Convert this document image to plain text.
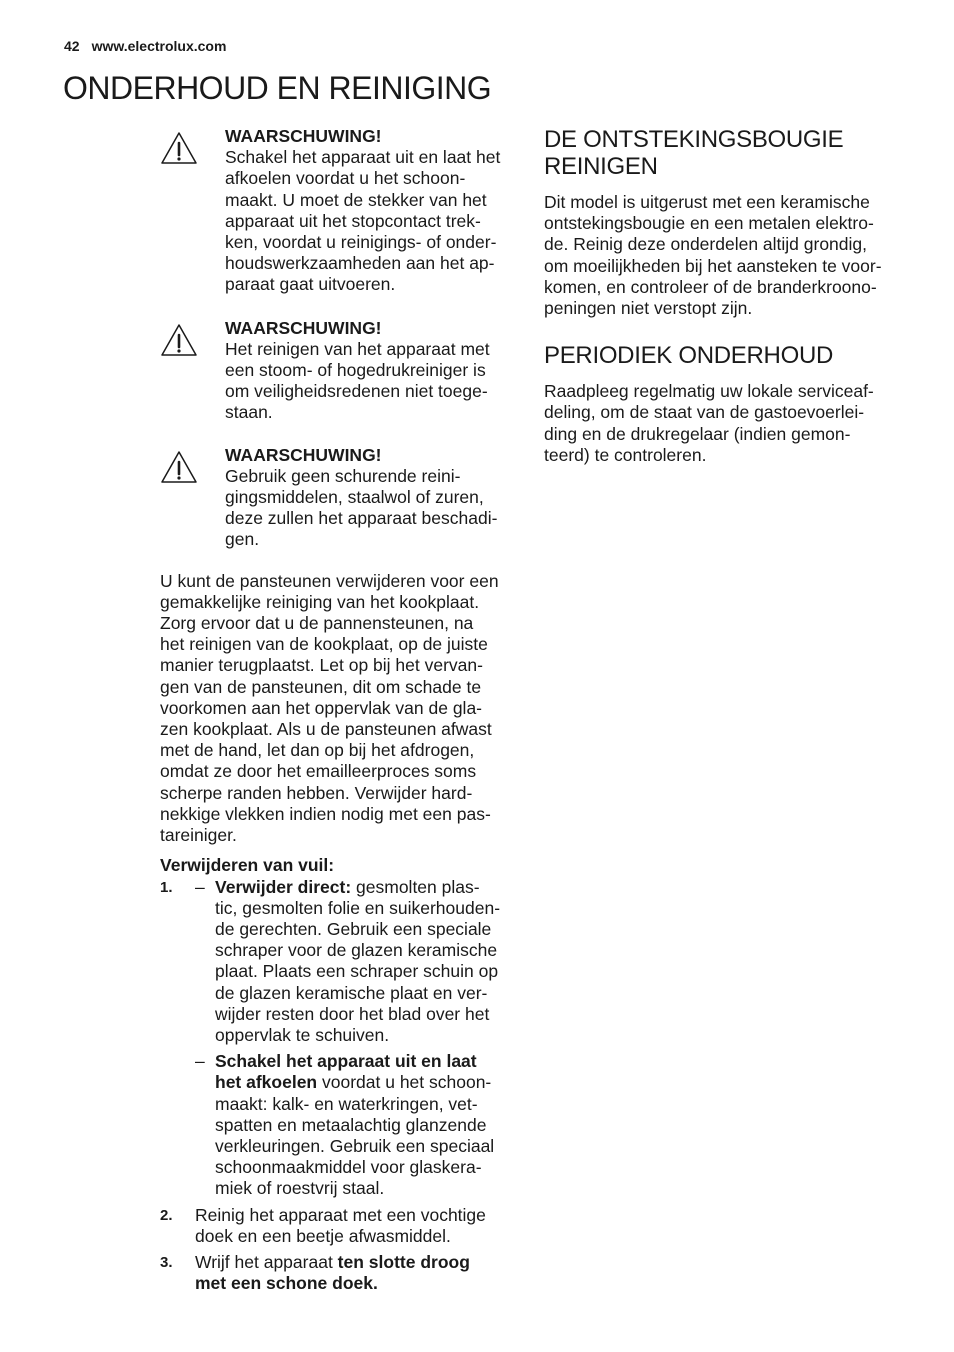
42 www.electrolux.com
ONDERHOUD EN REINIGING
WAARSCHUWING!

Schakel het apparaat uit en laat het
afkoelen voordat u het schoon-
maakt. U moet de stekker van het
apparaat uit het stopcontact trek-
ken, voordat u reinigings- of onder-
houdswerkzaamheden aan het ap-
paraat gaat uitvoeren.

WAARSCHUWING!

Het reinigen van het apparaat met
een stoom- of hogedrukreiniger is
om veiligheidsredenen niet toege-
staan.

WAARSCHUWING!

Gebruik geen schurende reini-
gingsmiddelen, staalwol of zuren,
deze zullen het apparaat beschadi-
gen.

U kunt de pansteunen verwijderen voor een
gemakkelijke reiniging van het kookplaat.
Zorg ervoor dat u de pannensteunen, na
het reinigen van de kookplaat, op de juiste
manier terugplaatst. Let op bij het vervan-
gen van de pansteunen, dit om schade te
voorkomen aan het oppervlak van de gla-
zen kookplaat. Als u de pansteunen afwast
met de hand, let dan op bij het afdrogen,
omdat ze door het emailleerproces soms
scherpe randen hebben. Verwijder hard-
nekkige vlekken indien nodig met een pas-
tareiniger.

Verwijderen van vuil:
1. – Verwijder direct: gesmolten plas-
tic, gesmolten folie en suikerhouden-
de gerechten. Gebruik een speciale
schraper voor de glazen keramische
plaat. Plaats een schraper schuin op
de glazen keramische plaat en ver-
wijder resten door het blad over het
oppervlak te schuiven.

– Schakel het apparaat uit en laat
het afkoelen voordat u het schoon-
maakt: kalk- en waterkringen, vet-
spatten en metaalachtig glanzende
verkleuringen. Gebruik een speciaal
schoonmaakmiddel voor glaskera-
miek of roestvrij staal.

2. Reinig het apparaat met een vochtige
doek en een beetje afwasmiddel.

3. Wrijf het apparaat ten slotte droog
met een schone doek.

DE ONTSTEKINGSBOUGIE
REINIGEN

Dit model is uitgerust met een keramische
ontstekingsbougie en een metalen elektro-
de. Reinig deze onderdelen altijd grondig,
om moeilijkheden bij het aansteken te voor-
komen, en controleer of de branderkroono-
peningen niet verstopt zijn.

PERIODIEK ONDERHOUD

Raadpleeg regelmatig uw lokale serviceaf-
deling, om de staat van de gastoevoerlei-
ding en de drukregelaar (indien gemon-
teerd) te controleren.
